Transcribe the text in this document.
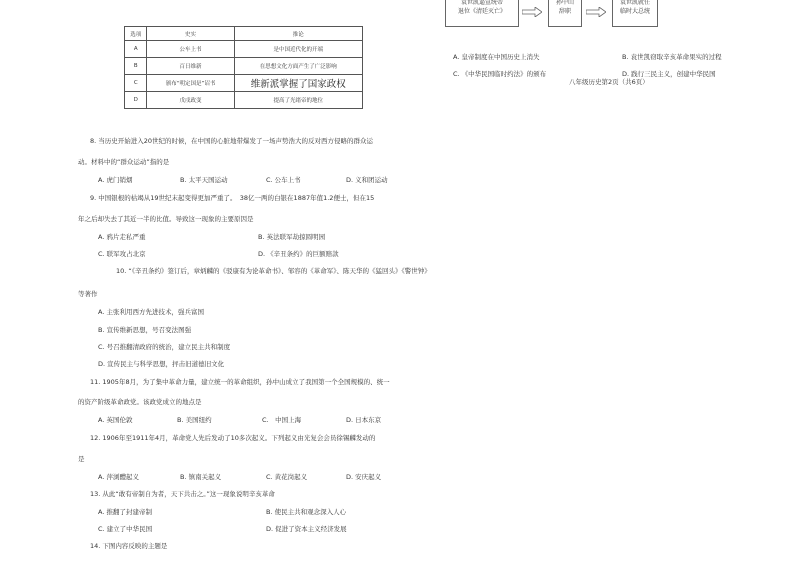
选项	史实	推论
A	公车上书	是中国近代化的开端
B	百日维新	在思想文化方面产生了广泛影响
C	颁布“明定国是”诏书	维新派掌握了国家政权
D	戊戌政变	提高了光绪帝的地位
袁世凯逼宣统帝
退位《清廷灭亡》
孙中山
辞职
袁世凯就任
临时大总统
A. 皇帝制度在中国历史上消失	B. 袁世凯窃取辛亥革命果实的过程
C. 《中华民国临时约法》的颁布	D. 践行三民主义，创建中华民国
八年级历史第2页（共6页）
8. 当历史开始进入20世纪的时候，在中国的心脏地带爆发了一场声势浩大的反对西方侵略的群众运
动。材料中的“群众运动”指的是
A. 虎门销烟	B. 太平天国运动	C. 公车上书	D. 义和团运动
9. 中国银根的枯竭从19世纪末起变得更加严重了。　38亿一两的白银在1887年值1.2便士，但在15
年之后却失去了其近一半的比值。导致这一现象的主要原因是
A. 鸦片走私严重	B. 英法联军劫掠圆明园
C. 联军攻占北京	D. 《辛丑条约》的巨额赔款
10. “《辛丑条约》签订后，章炳麟的《驳康有为论革命书》、邹容的《革命军》、陈天华的《猛回头》《警世钟》
等著作
A. 主张利用西方先进技术，强兵富国
B. 宣传维新思想，号召变法图强
C. 号召推翻清政府的统治，建立民主共和制度
D. 宣传民主与科学思想，抨击旧道德旧文化
11. 1905年8月，为了集中革命力量，建立统一的革命组织，孙中山成立了我国第一个全国规模的、统一
的资产阶级革命政党。该政党成立的地点是
A. 英国伦敦	B. 美国纽约	C.　中国上海	D. 日本东京
12. 1906年至1911年4月，革命党人先后发动了10多次起义。下列起义由光复会会员徐锡麟发动的
是
A. 萍浏醴起义	B. 镇南关起义	C. 黄花岗起义	D. 安庆起义
13. 从此“敢有帝制自为者，天下共击之。”这一现象说明辛亥革命
A. 推翻了封建帝制	B. 使民主共和观念深入人心
C. 建立了中华民国	D. 促进了资本主义经济发展
14. 下图内容反映的主题是
